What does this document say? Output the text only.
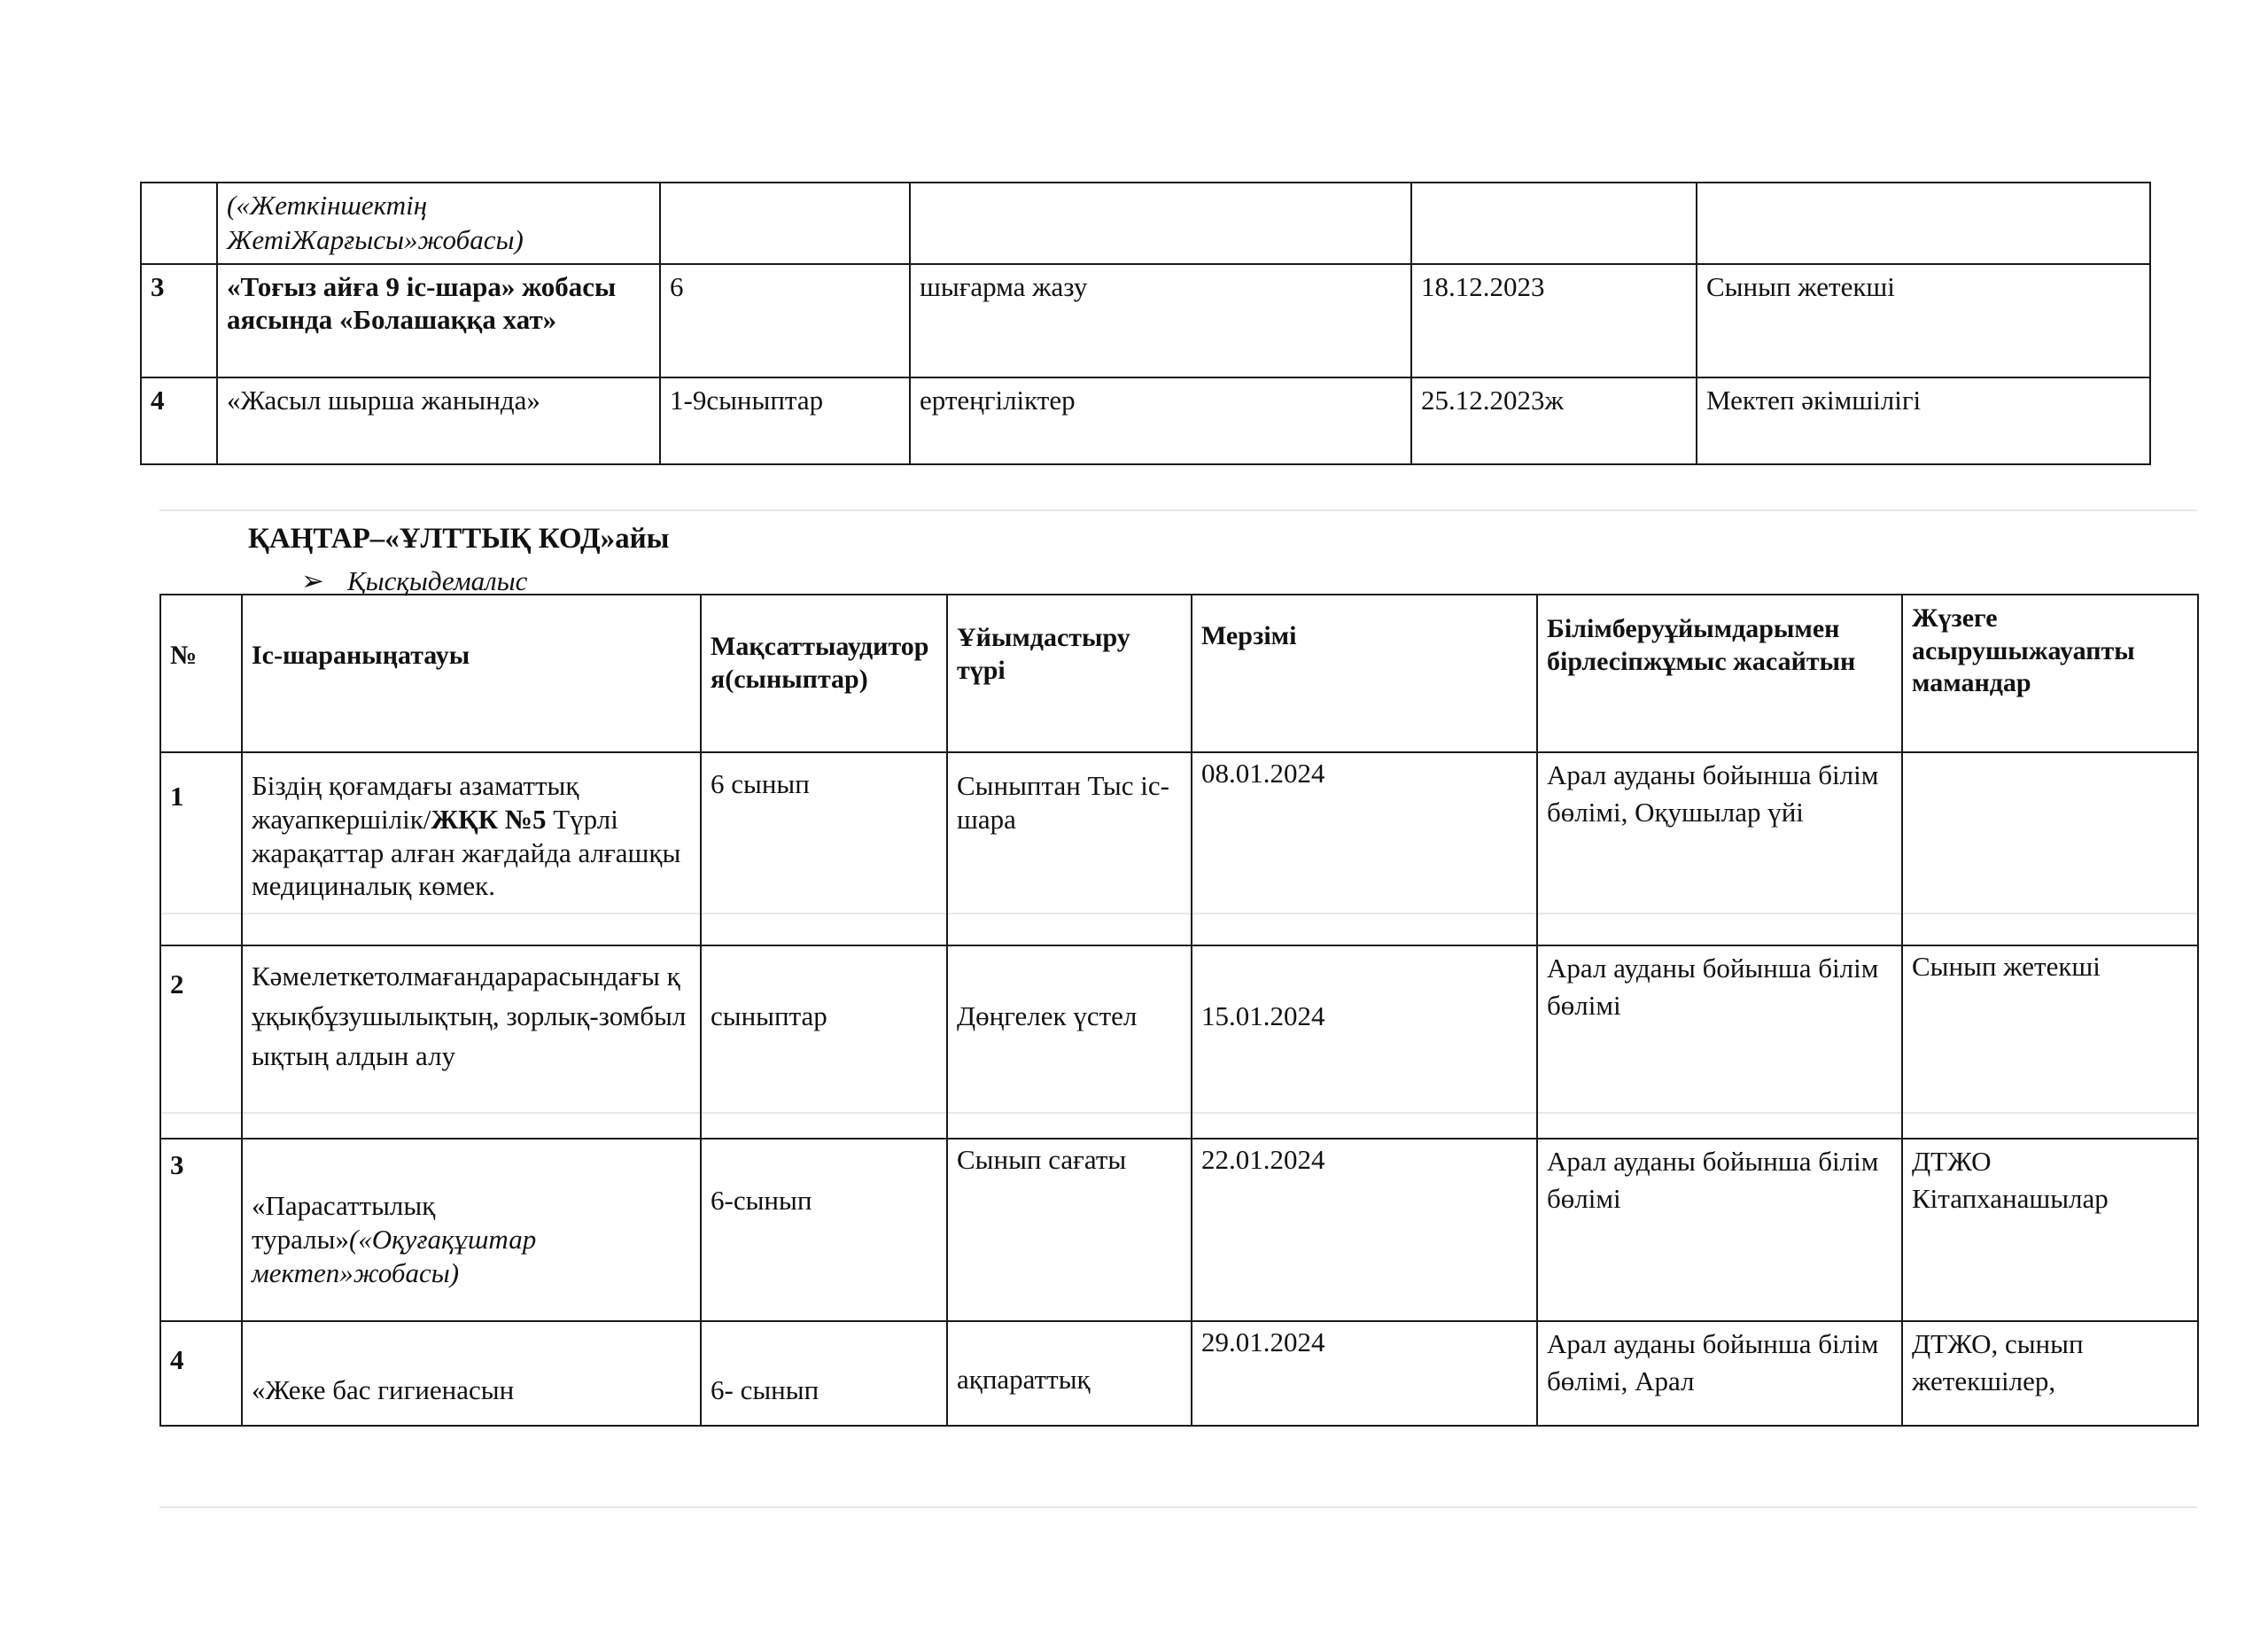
	(«Жеткіншектің ЖетіЖарғысы»жобасы)				
3	«Тоғыз айға 9 іс-шара» жобасы аясында «Болашаққа хат»	6	шығарма жазу	18.12.2023	Сынып жетекші
4	«Жасыл шырша жанында»	1-9сыныптар	ертеңгіліктер	25.12.2023ж	Мектеп әкімшілігі
ҚАҢТАР–«ҰЛТТЫҚ КОД»айы
➢ Қысқыдемалыс
№	Іс-шараныңатауы	Мақсаттыаудиторя(сыныптар)	Ұйымдастыру түрі	Мерзімі	Білімберуұйымдарымен бірлесіпжұмыс жасайтын	Жүзеге асырушыжауапты мамандар
1	Біздің қоғамдағы азаматтық жауапкершілік/ЖҚК №5 Түрлі жарақаттар алған жағдайда алғашқы медициналық көмек.	6 сынып	Сыныптан Тыс іс-шара	08.01.2024	Арал ауданы бойынша білім бөлімі, Оқушылар үйі	
2	Кәмелеткетолмағандарарасындағы құқықбұзушылықтың, зорлық-зомбылықтың алдын алу	сыныптар	Дөңгелек үстел	15.01.2024	Арал ауданы бойынша білім бөлімі	Сынып жетекші
3	«Парасаттылық туралы»(«Оқуғақұштар мектеп»жобасы)	6-сынып	Сынып сағаты	22.01.2024	Арал ауданы бойынша білім бөлімі	ДТЖО Кітапханашылар
4	«Жеке бас гигиенасын	6- сынып	ақпараттық	29.01.2024	Арал ауданы бойынша білім бөлімі, Арал	ДТЖО, сынып жетекшілер,
